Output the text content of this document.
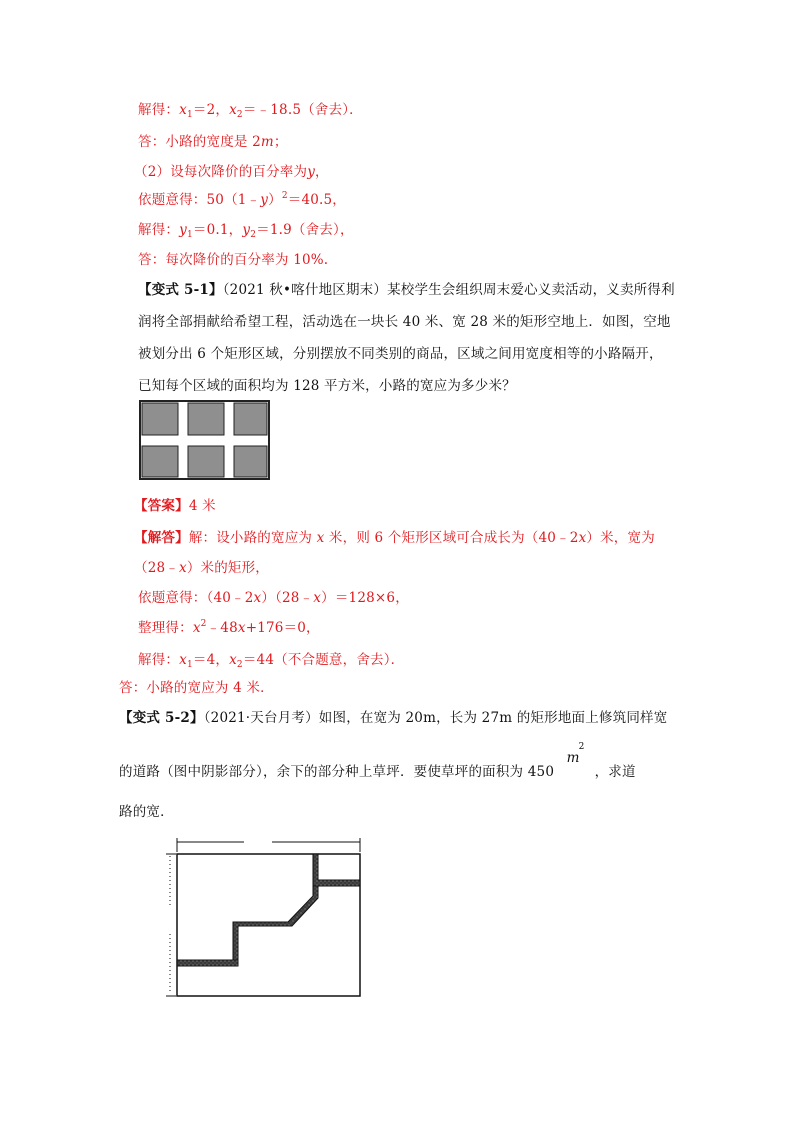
解得：$x_1=2$，$x_2=﹣18.5$（舍去）．
答：小路的宽度是 2m；
（2）设每次降价的百分率为y，
依题意得：50（1﹣y）$^2$＝40.5，
解得：$y_1=0.1$，$y_2=1.9$（舍去），
答：每次降价的百分率为 10%.
【变式 5-1】（2021 秋•喀什地区期末）某校学生会组织周末爱心义卖活动，义卖所得利
润将全部捐献给希望工程，活动选在一块长 40 米、宽 28 米的矩形空地上．如图，空地
被划分出 6 个矩形区域，分别摆放不同类别的商品，区域之间用宽度相等的小路隔开，
已知每个区域的面积均为 128 平方米，小路的宽应为多少米？
【答案】4 米
【解答】解：设小路的宽应为 x 米，则 6 个矩形区域可合成长为（40﹣2x）米，宽为
（28﹣x）米的矩形，
依题意得：（40﹣2x）（28﹣x）＝128×6，
整理得：$x^2﹣48x+176=0$，
解得：$x_1=4$，$x_2=44$（不合题意，舍去）．
答：小路的宽应为 4 米．
【变式 5-2】（2021·天台月考）如图，在宽为 20m，长为 27m 的矩形地面上修筑同样宽
的道路（图中阴影部分），余下的部分种上草坪．要使草坪的面积为 450
m
2
，求道
路的宽．
